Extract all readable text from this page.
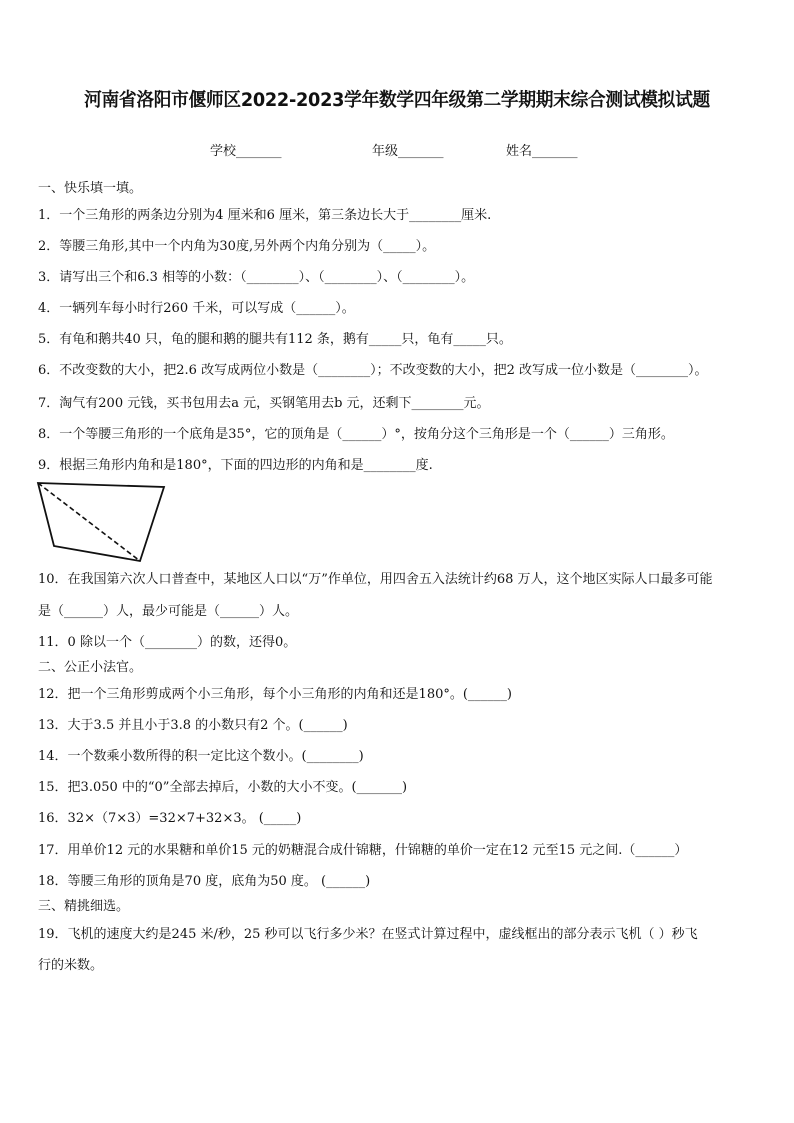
河南省洛阳市偃师区2022-2023学年数学四年级第二学期期末综合测试模拟试题
学校_______	年级_______	姓名_______
一、快乐填一填。
1．一个三角形的两条边分别为4 厘米和6 厘米，第三条边长大于________厘米.
2．等腰三角形,其中一个内角为30度,另外两个内角分别为（_____）。
3．请写出三个和6.3 相等的小数：（________）、（________）、（________）。
4．一辆列车每小时行260 千米，可以写成（______）。
5．有龟和鹅共40 只，龟的腿和鹅的腿共有112 条，鹅有_____只，龟有_____只。
6．不改变数的大小，把2.6 改写成两位小数是（________）；不改变数的大小，把2 改写成一位小数是（________）。
7．淘气有200 元钱，买书包用去a 元，买钢笔用去b 元，还剩下________元。
8．一个等腰三角形的一个底角是35°，它的顶角是（______）°，按角分这个三角形是一个（______）三角形。
9．根据三角形内角和是180°，下面的四边形的内角和是________度.
10．在我国第六次人口普查中，某地区人口以“万”作单位，用四舍五入法统计约68 万人，这个地区实际人口最多可能
是（______）人，最少可能是（______）人。
11．0 除以一个（________）的数，还得0。
二、公正小法官。
12．把一个三角形剪成两个小三角形，每个小三角形的内角和还是180°。(______)
13．大于3.5 并且小于3.8 的小数只有2 个。(______)
14．一个数乘小数所得的积一定比这个数小。(________)
15．把3.050 中的“0”全部去掉后，小数的大小不变。(_______)
16．32×（7×3）=32×7+32×3。 (_____)
17．用单价12 元的水果糖和单价15 元的奶糖混合成什锦糖，什锦糖的单价一定在12 元至15 元之间.（______）
18．等腰三角形的顶角是70 度，底角为50 度。 (______)
三、精挑细选。
19．飞机的速度大约是245 米/秒，25 秒可以飞行多少米？在竖式计算过程中，虚线框出的部分表示飞机（ ）秒飞
行的米数。
